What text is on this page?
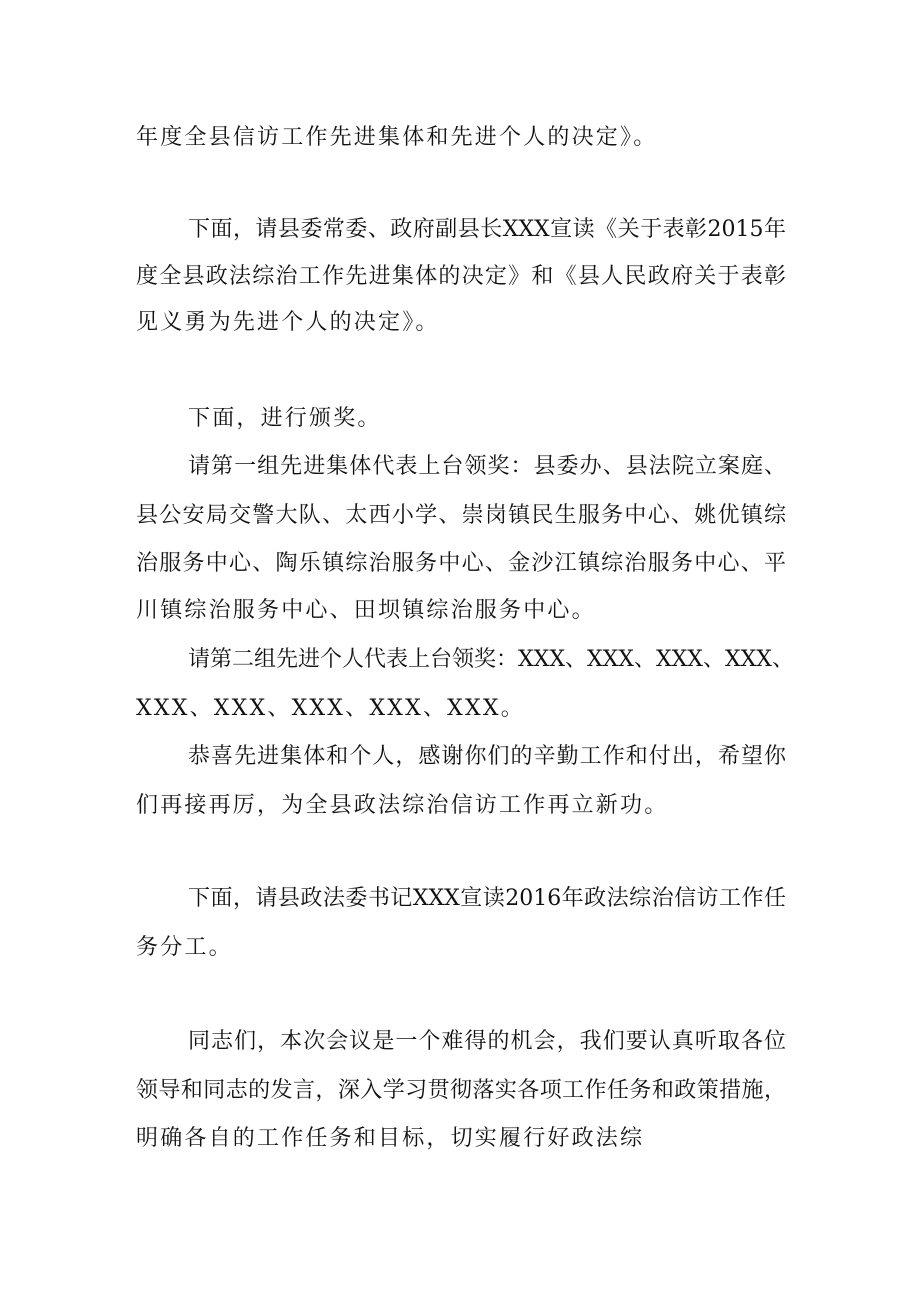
年度全县信访工作先进集体和先进个人的决定》。
下面，请县委常委、政府副县长XXX宣读《关于表彰2015年
度全县政法综治工作先进集体的决定》和《县人民政府关于表彰
见义勇为先进个人的决定》。
下面，进行颁奖。
请第一组先进集体代表上台领奖：县委办、县法院立案庭、
县公安局交警大队、太西小学、崇岗镇民生服务中心、姚优镇综
治服务中心、陶乐镇综治服务中心、金沙江镇综治服务中心、平
川镇综治服务中心、田坝镇综治服务中心。
请第二组先进个人代表上台领奖：XXX、XXX、XXX、XXX、
XXX、XXX、XXX、XXX、XXX。
恭喜先进集体和个人，感谢你们的辛勤工作和付出，希望你
们再接再厉，为全县政法综治信访工作再立新功。
下面，请县政法委书记XXX宣读2016年政法综治信访工作任
务分工。
同志们，本次会议是一个难得的机会，我们要认真听取各位
领导和同志的发言，深入学习贯彻落实各项工作任务和政策措施，
明确各自的工作任务和目标，切实履行好政法综
